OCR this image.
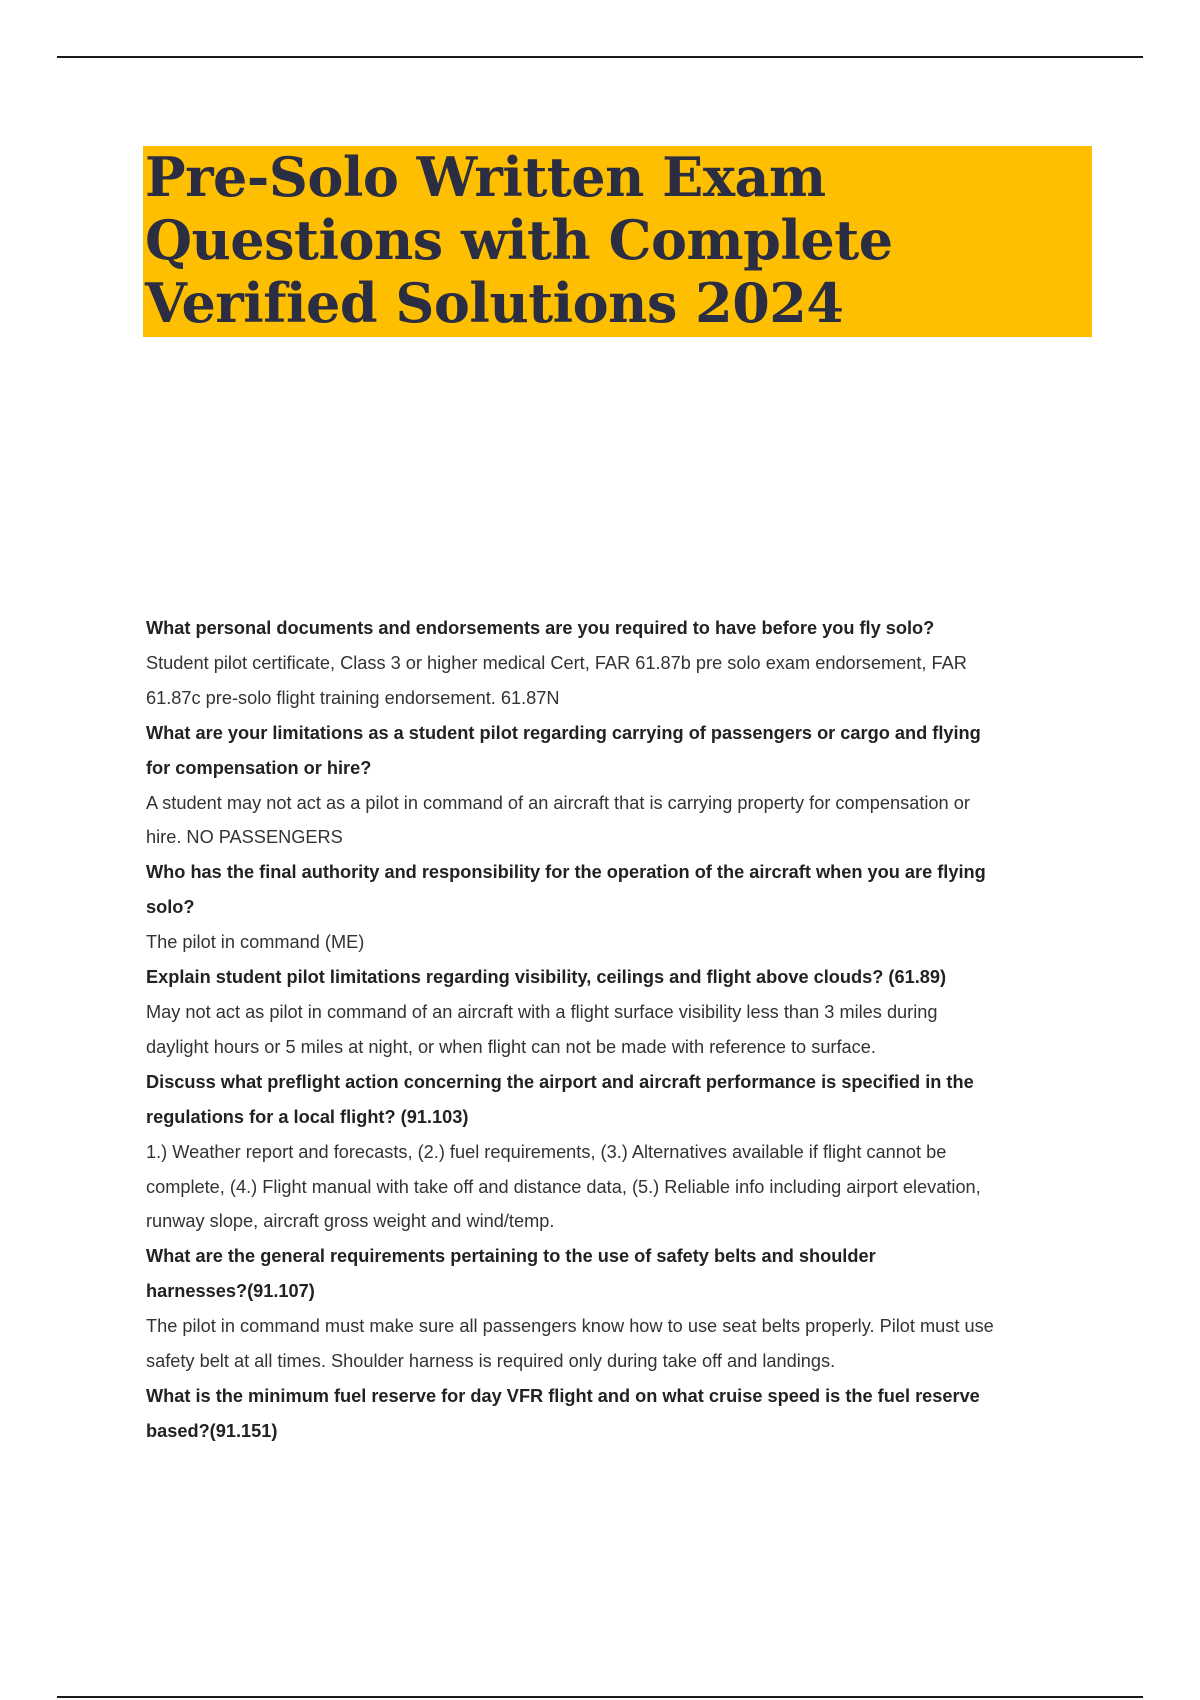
Pre-Solo Written Exam
Questions with Complete
Verified Solutions 2024

What personal documents and endorsements are you required to have before you fly solo?

Student pilot certificate, Class 3 or higher medical Cert, FAR 61.87b pre solo exam endorsement, FAR
61.87c pre-solo flight training endorsement. 61.87N

What are your limitations as a student pilot regarding carrying of passengers or cargo and flying
for compensation or hire?

A student may not act as a pilot in command of an aircraft that is carrying property for compensation or
hire. NO PASSENGERS

Who has the final authority and responsibility for the operation of the aircraft when you are flying
solo?

The pilot in command (ME)

Explain student pilot limitations regarding visibility, ceilings and flight above clouds? (61.89)

May not act as pilot in command of an aircraft with a flight surface visibility less than 3 miles during
daylight hours or 5 miles at night, or when flight can not be made with reference to surface.

Discuss what preflight action concerning the airport and aircraft performance is specified in the
regulations for a local flight? (91.103)

1.) Weather report and forecasts, (2.) fuel requirements, (3.) Alternatives available if flight cannot be
complete, (4.) Flight manual with take off and distance data, (5.) Reliable info including airport elevation,
runway slope, aircraft gross weight and wind/temp.

What are the general requirements pertaining to the use of safety belts and shoulder
harnesses?(91.107)

The pilot in command must make sure all passengers know how to use seat belts properly. Pilot must use
safety belt at all times. Shoulder harness is required only during take off and landings.

What is the minimum fuel reserve for day VFR flight and on what cruise speed is the fuel reserve
based?(91.151)
